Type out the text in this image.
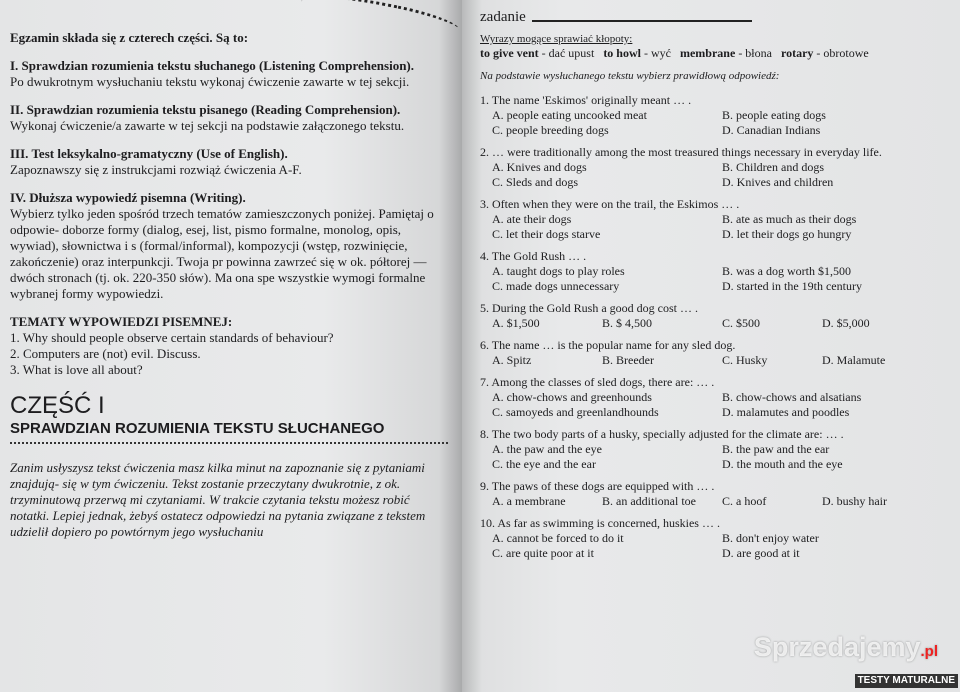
Egzamin składa się z czterech części. Są to:

I. Sprawdzian rozumienia tekstu słuchanego (Listening Comprehension).

Po dwukrotnym wysłuchaniu tekstu wykonaj ćwiczenie zawarte w tej sekcji.

II. Sprawdzian rozumienia tekstu pisanego (Reading Comprehension).

Wykonaj ćwiczenie/a zawarte w tej sekcji na podstawie załączonego tekstu.

III. Test leksykalno-gramatyczny (Use of English).

Zapoznawszy się z instrukcjami rozwiąż ćwiczenia A-F.

IV. Dłuższa wypowiedź pisemna (Writing).

Wybierz tylko jeden spośród trzech tematów zamieszczonych poniżej. Pamiętaj o odpowie- doborze formy (dialog, esej, list, pismo formalne, monolog, opis, wywiad), słownictwa i s (formal/informal), kompozycji (wstęp, rozwinięcie, zakończenie) oraz interpunkcji. Twoja pr powinna zawrzeć się w ok. półtorej — dwóch stronach (tj. ok. 220-350 słów). Ma ona spe wszystkie wymogi formalne wybranej formy wypowiedzi.

TEMATY WYPOWIEDZI PISEMNEJ:

1. Why should people observe certain standards of behaviour?

2. Computers are (not) evil. Discuss.

3. What is love all about?

CZĘŚĆ I

SPRAWDZIAN ROZUMIENIA TEKSTU SŁUCHANEGO

Zanim usłyszysz tekst ćwiczenia masz kilka minut na zapoznanie się z pytaniami znajdują- się w tym ćwiczeniu. Tekst zostanie przeczytany dwukrotnie, z ok. trzyminutową przerwą mi czytaniami. W trakcie czytania tekstu możesz robić notatki. Lepiej jednak, żebyś ostatecz odpowiedzi na pytania związane z tekstem udzielił dopiero po powtórnym jego wysłuchaniu

zadanie

Wyrazy mogące sprawiać kłopoty:

to give vent - dać upust to howl - wyć membrane - błona rotary - obrotowe

Na podstawie wysłuchanego tekstu wybierz prawidłową odpowiedź:

1. The name 'Eskimos' originally meant … .
A. people eating uncooked meat	B. people eating dogs
C. people breeding dogs	D. Canadian Indians
2. … were traditionally among the most treasured things necessary in everyday life.
A. Knives and dogs	B. Children and dogs
C. Sleds and dogs	D. Knives and children
3. Often when they were on the trail, the Eskimos … .
A. ate their dogs	B. ate as much as their dogs
C. let their dogs starve	D. let their dogs go hungry
4. The Gold Rush … .
A. taught dogs to play roles	B. was a dog worth $1,500
C. made dogs unnecessary	D. started in the 19th century
5. During the Gold Rush a good dog cost … .
A. $1,500	B. $ 4,500	C. $500	D. $5,000
6. The name … is the popular name for any sled dog.
A. Spitz	B. Breeder	C. Husky	D. Malamute
7. Among the classes of sled dogs, there are: … .
A. chow-chows and greenhounds	B. chow-chows and alsatians
C. samoyeds and greenlandhounds	D. malamutes and poodles
8. The two body parts of a husky, specially adjusted for the climate are: … .
A. the paw and the eye	B. the paw and the ear
C. the eye and the ear	D. the mouth and the eye
9. The paws of these dogs are equipped with … .
A. a membrane	B. an additional toe	C. a hoof	D. bushy hair
10. As far as swimming is concerned, huskies … .
A. cannot be forced to do it	B. don't enjoy water
C. are quite poor at it	D. are good at it
Sprzedajemy.pl
TESTY MATURALNE
